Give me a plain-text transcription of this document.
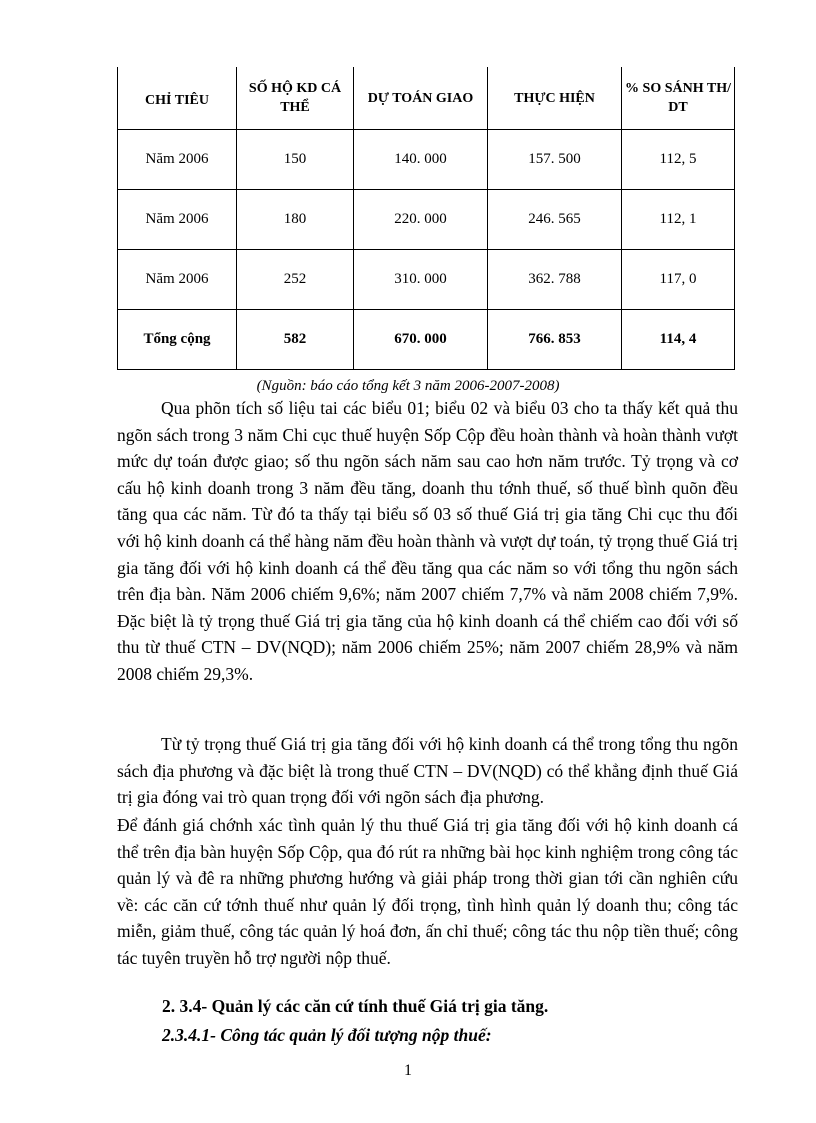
CHỈ TIÊU	SỐ HỘ KD CÁ THỂ	DỰ TOÁN GIAO	THỰC HIỆN	% SO SÁNH TH/ DT
Năm 2006	150	140. 000	157. 500	112, 5
Năm 2006	180	220. 000	246. 565	112, 1
Năm 2006	252	310. 000	362. 788	117, 0
Tổng cộng	582	670. 000	766. 853	114, 4
(Nguồn: báo cáo tổng kết 3 năm 2006-2007-2008)

Qua phõn tích số liệu tai các biểu 01; biểu 02 và biểu 03 cho ta thấy kết quả thu ngõn sách trong 3 năm Chi cục thuế huyện Sốp Cộp đều hoàn thành và hoàn thành vượt mức dự toán được giao; số thu ngõn sách năm sau cao hơn năm trước. Tỷ trọng và cơ cấu hộ kinh doanh trong 3 năm đều tăng, doanh thu tớnh thuế, số thuế bình quõn đều tăng qua các năm. Từ đó ta thấy tại biểu số 03 số thuế Giá trị gia tăng Chi cục thu đối với hộ kinh doanh cá thể hàng năm đều hoàn thành và vượt dự toán, tỷ trọng thuế Giá trị gia tăng đối với hộ kinh doanh cá thể đều tăng qua các năm so với tổng thu ngõn sách trên địa bàn. Năm 2006 chiếm 9,6%; năm 2007 chiếm 7,7% và năm 2008 chiếm 7,9%. Đặc biệt là tỷ trọng thuế Giá trị gia tăng của hộ kinh doanh cá thể chiếm cao đối với số thu từ thuế CTN – DV(NQD); năm 2006 chiếm 25%; năm 2007 chiếm 28,9% và năm 2008 chiếm 29,3%.

Từ tỷ trọng thuế Giá trị gia tăng đối với hộ kinh doanh cá thể trong tổng thu ngõn sách địa phương và đặc biệt là trong thuế CTN – DV(NQD) có thể khẳng định thuế Giá trị gia đóng vai trò quan trọng đối với ngõn sách địa phương.

Để đánh giá chớnh xác tình quản lý thu thuế Giá trị gia tăng đối với hộ kinh doanh cá thể trên địa bàn huyện Sốp Cộp, qua đó rút ra những bài học kinh nghiệm trong công tác quản lý và đê ra những phương hướng và giải pháp trong thời gian tới cần nghiên cứu về: các căn cứ tớnh thuế như quản lý đối trọng, tình hình quản lý doanh thu; công tác miễn, giảm thuế, công tác quản lý hoá đơn, ấn chỉ thuế; công tác thu nộp tiền thuế; công tác tuyên truyền hỗ trợ người nộp thuế.

2. 3.4- Quản lý các căn cứ tính thuế Giá trị gia tăng.
2.3.4.1- Công tác quản lý đối tượng nộp thuế:
1
